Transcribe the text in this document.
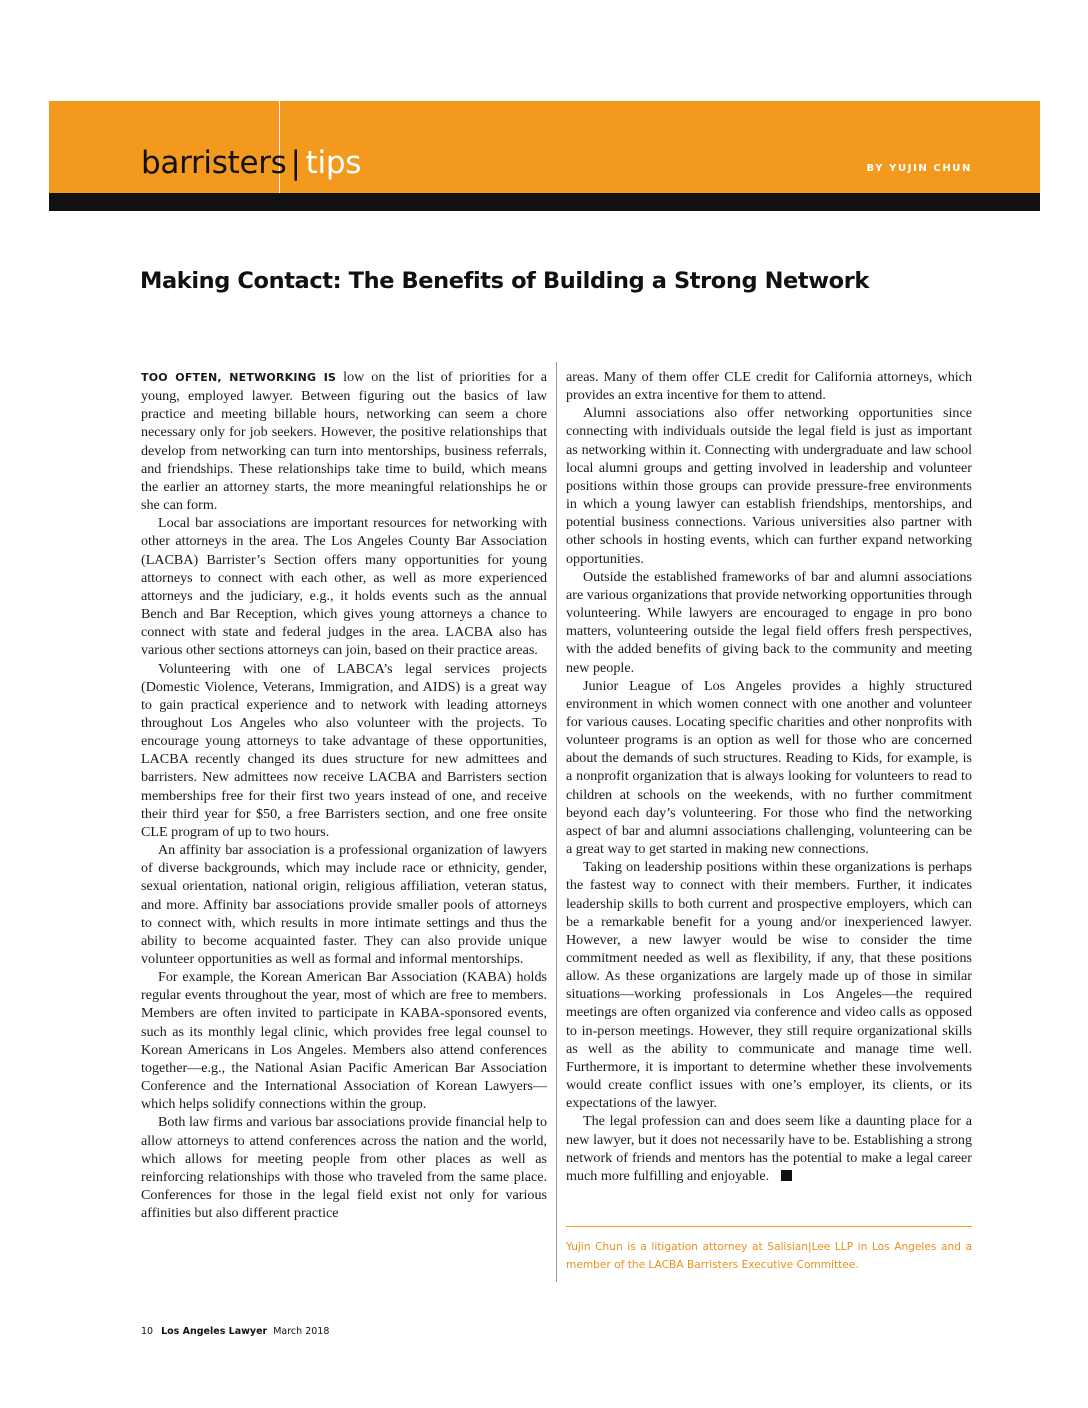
barristers | tips	BY YUJIN CHUN
Making Contact: The Benefits of Building a Strong Network

TOO OFTEN, NETWORKING IS low on the list of priorities for a young, employed lawyer. Between figuring out the basics of law practice and meeting billable hours, networking can seem a chore necessary only for job seekers. However, the positive relationships that develop from networking can turn into mentorships, business referrals, and friendships. These relationships take time to build, which means the earlier an attorney starts, the more meaningful relationships he or she can form.

Local bar associations are important resources for networking with other attorneys in the area. The Los Angeles County Bar Association (LACBA) Barrister’s Section offers many opportunities for young attorneys to connect with each other, as well as more experienced attorneys and the judiciary, e.g., it holds events such as the annual Bench and Bar Reception, which gives young attorneys a chance to connect with state and federal judges in the area. LACBA also has various other sections attorneys can join, based on their practice areas.

Volunteering with one of LABCA’s legal services projects (Domestic Violence, Veterans, Immigration, and AIDS) is a great way to gain practical experience and to network with leading attorneys throughout Los Angeles who also volunteer with the projects. To encourage young attorneys to take advantage of these opportunities, LACBA recently changed its dues structure for new admittees and barristers. New admittees now receive LACBA and Barristers section memberships free for their first two years instead of one, and receive their third year for $50, a free Barristers section, and one free onsite CLE program of up to two hours.

An affinity bar association is a professional organization of lawyers of diverse backgrounds, which may include race or ethnicity, gender, sexual orientation, national origin, religious affiliation, veteran status, and more. Affinity bar associations provide smaller pools of attorneys to connect with, which results in more intimate settings and thus the ability to become acquainted faster. They can also provide unique volunteer opportunities as well as formal and informal mentorships.

For example, the Korean American Bar Association (KABA) holds regular events throughout the year, most of which are free to members. Members are often invited to participate in KABA-sponsored events, such as its monthly legal clinic, which provides free legal counsel to Korean Americans in Los Angeles. Members also attend conferences together—e.g., the National Asian Pacific American Bar Association Conference and the International Association of Korean Lawyers—which helps solidify connections within the group.

Both law firms and various bar associations provide financial help to allow attorneys to attend conferences across the nation and the world, which allows for meeting people from other places as well as reinforcing relationships with those who traveled from the same place. Conferences for those in the legal field exist not only for various affinities but also different practice

areas. Many of them offer CLE credit for California attorneys, which provides an extra incentive for them to attend.

Alumni associations also offer networking opportunities since connecting with individuals outside the legal field is just as important as networking within it. Connecting with undergraduate and law school local alumni groups and getting involved in leadership and volunteer positions within those groups can provide pressure-free environments in which a young lawyer can establish friendships, mentorships, and potential business connections. Various universities also partner with other schools in hosting events, which can further expand networking opportunities.

Outside the established frameworks of bar and alumni associations are various organizations that provide networking opportunities through volunteering. While lawyers are encouraged to engage in pro bono matters, volunteering outside the legal field offers fresh perspectives, with the added benefits of giving back to the community and meeting new people.

Junior League of Los Angeles provides a highly structured environment in which women connect with one another and volunteer for various causes. Locating specific charities and other nonprofits with volunteer programs is an option as well for those who are concerned about the demands of such structures. Reading to Kids, for example, is a nonprofit organization that is always looking for volunteers to read to children at schools on the weekends, with no further commitment beyond each day’s volunteering. For those who find the networking aspect of bar and alumni associations challenging, volunteering can be a great way to get started in making new connections.

Taking on leadership positions within these organizations is perhaps the fastest way to connect with their members. Further, it indicates leadership skills to both current and prospective employers, which can be a remarkable benefit for a young and/or inexperienced lawyer. However, a new lawyer would be wise to consider the time commitment needed as well as flexibility, if any, that these positions allow. As these organizations are largely made up of those in similar situations—working professionals in Los Angeles—the required meetings are often organized via conference and video calls as opposed to in-person meetings. However, they still require organizational skills as well as the ability to communicate and manage time well. Furthermore, it is important to determine whether these involvements would create conflict issues with one’s employer, its clients, or its expectations of the lawyer.

The legal profession can and does seem like a daunting place for a new lawyer, but it does not necessarily have to be. Establishing a strong network of friends and mentors has the potential to make a legal career much more fulfilling and enjoyable.

Yujin Chun is a litigation attorney at Salisian|Lee LLP in Los Angeles and a member of the LACBA Barristers Executive Committee.

10 Los Angeles Lawyer March 2018
